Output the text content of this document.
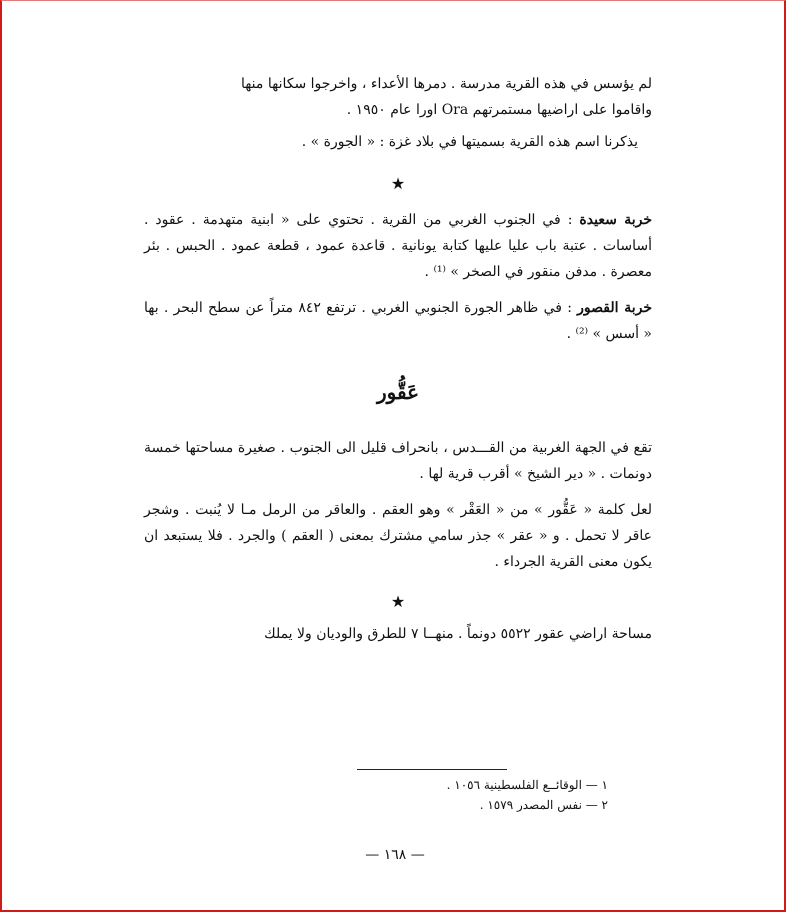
لم يؤسس في هذه القرية مدرسة . دمرها الأعداء ، واخرجوا سكانها منها

واقاموا على اراضيها مستمرتهم Ora اورا عام ١٩٥٠ .

يذكرنا اسم هذه القرية بسميتها في بلاد غزة : « الجورة » .

★

خربة سعيدة : في الجنوب الغربي من القرية . تحتوي على « ابنية متهدمة . عقود . أساسات . عتبة باب عليا عليها كتابة يونانية . قاعدة عمود ، قطعة عمود . الحبس . بئر معصرة . مدفن منقور في الصخر » ⁽¹⁾ .

خربة القصور : في ظاهر الجورة الجنوبي الغربي . ترتفع ٨٤٢ متراً عن سطح البحر . بها « أسس » ⁽²⁾ .

عَقُّور

تقع في الجهة الغربية من القـــدس ، بانحراف قليل الى الجنوب . صغيرة مساحتها خمسة دونمات . « دير الشيخ » أقرب قرية لها .

لعل كلمة « عَقُّور » من « العَقْر » وهو العقم . والعاقر من الرمل مـا لا يُنبت . وشجر عاقر لا تحمل . و « عقر » جذر سامي مشترك بمعنى ( العقم ) والجرد . فلا يستبعد ان يكون معنى القرية الجرداء .

★

مساحة اراضي عقور ٥٥٢٢ دونماً . منهــا ٧ للطرق والوديان ولا يملك

١ — الوقائــع الفلسطينية ١٠٥٦ .
٢ — نفس المصدر ١٥٧٩ .
— ١٦٨ —
